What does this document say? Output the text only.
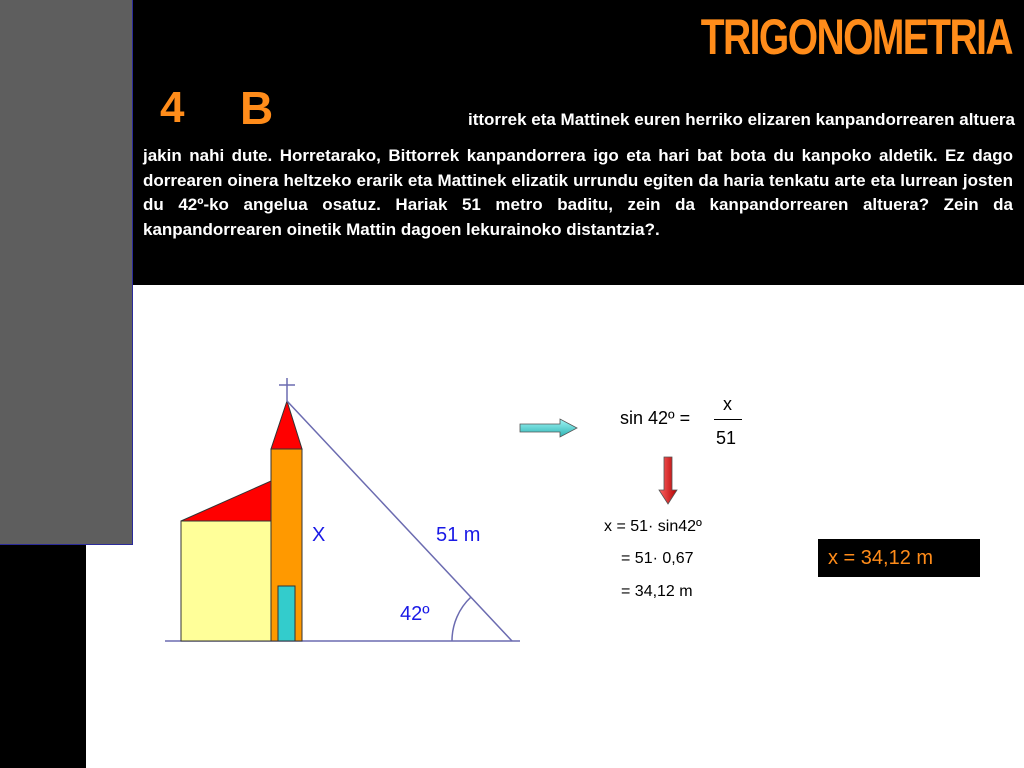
TRIGONOMETRIA
4 B	ittorrek eta Mattinek euren herriko elizaren kanpandorrearen altuera

jakin nahi dute. Horretarako, Bittorrek kanpandorrera igo eta hari bat bota du kanpoko aldetik. Ez dago dorrearen oinera heltzeko erarik eta Mattinek elizatik urrundu egiten da haria tenkatu arte eta lurrean josten du 42º-ko angelua osatuz. Hariak 51 metro baditu, zein da kanpandorrearen altuera? Zein da kanpandorrearen oinetik Mattin dagoen lekurainoko distantzia?.

X	51 m
42º
sin 42º =
x
51
x = 51· sin42º
= 51· 0,67
= 34,12 m
x = 34,12 m
